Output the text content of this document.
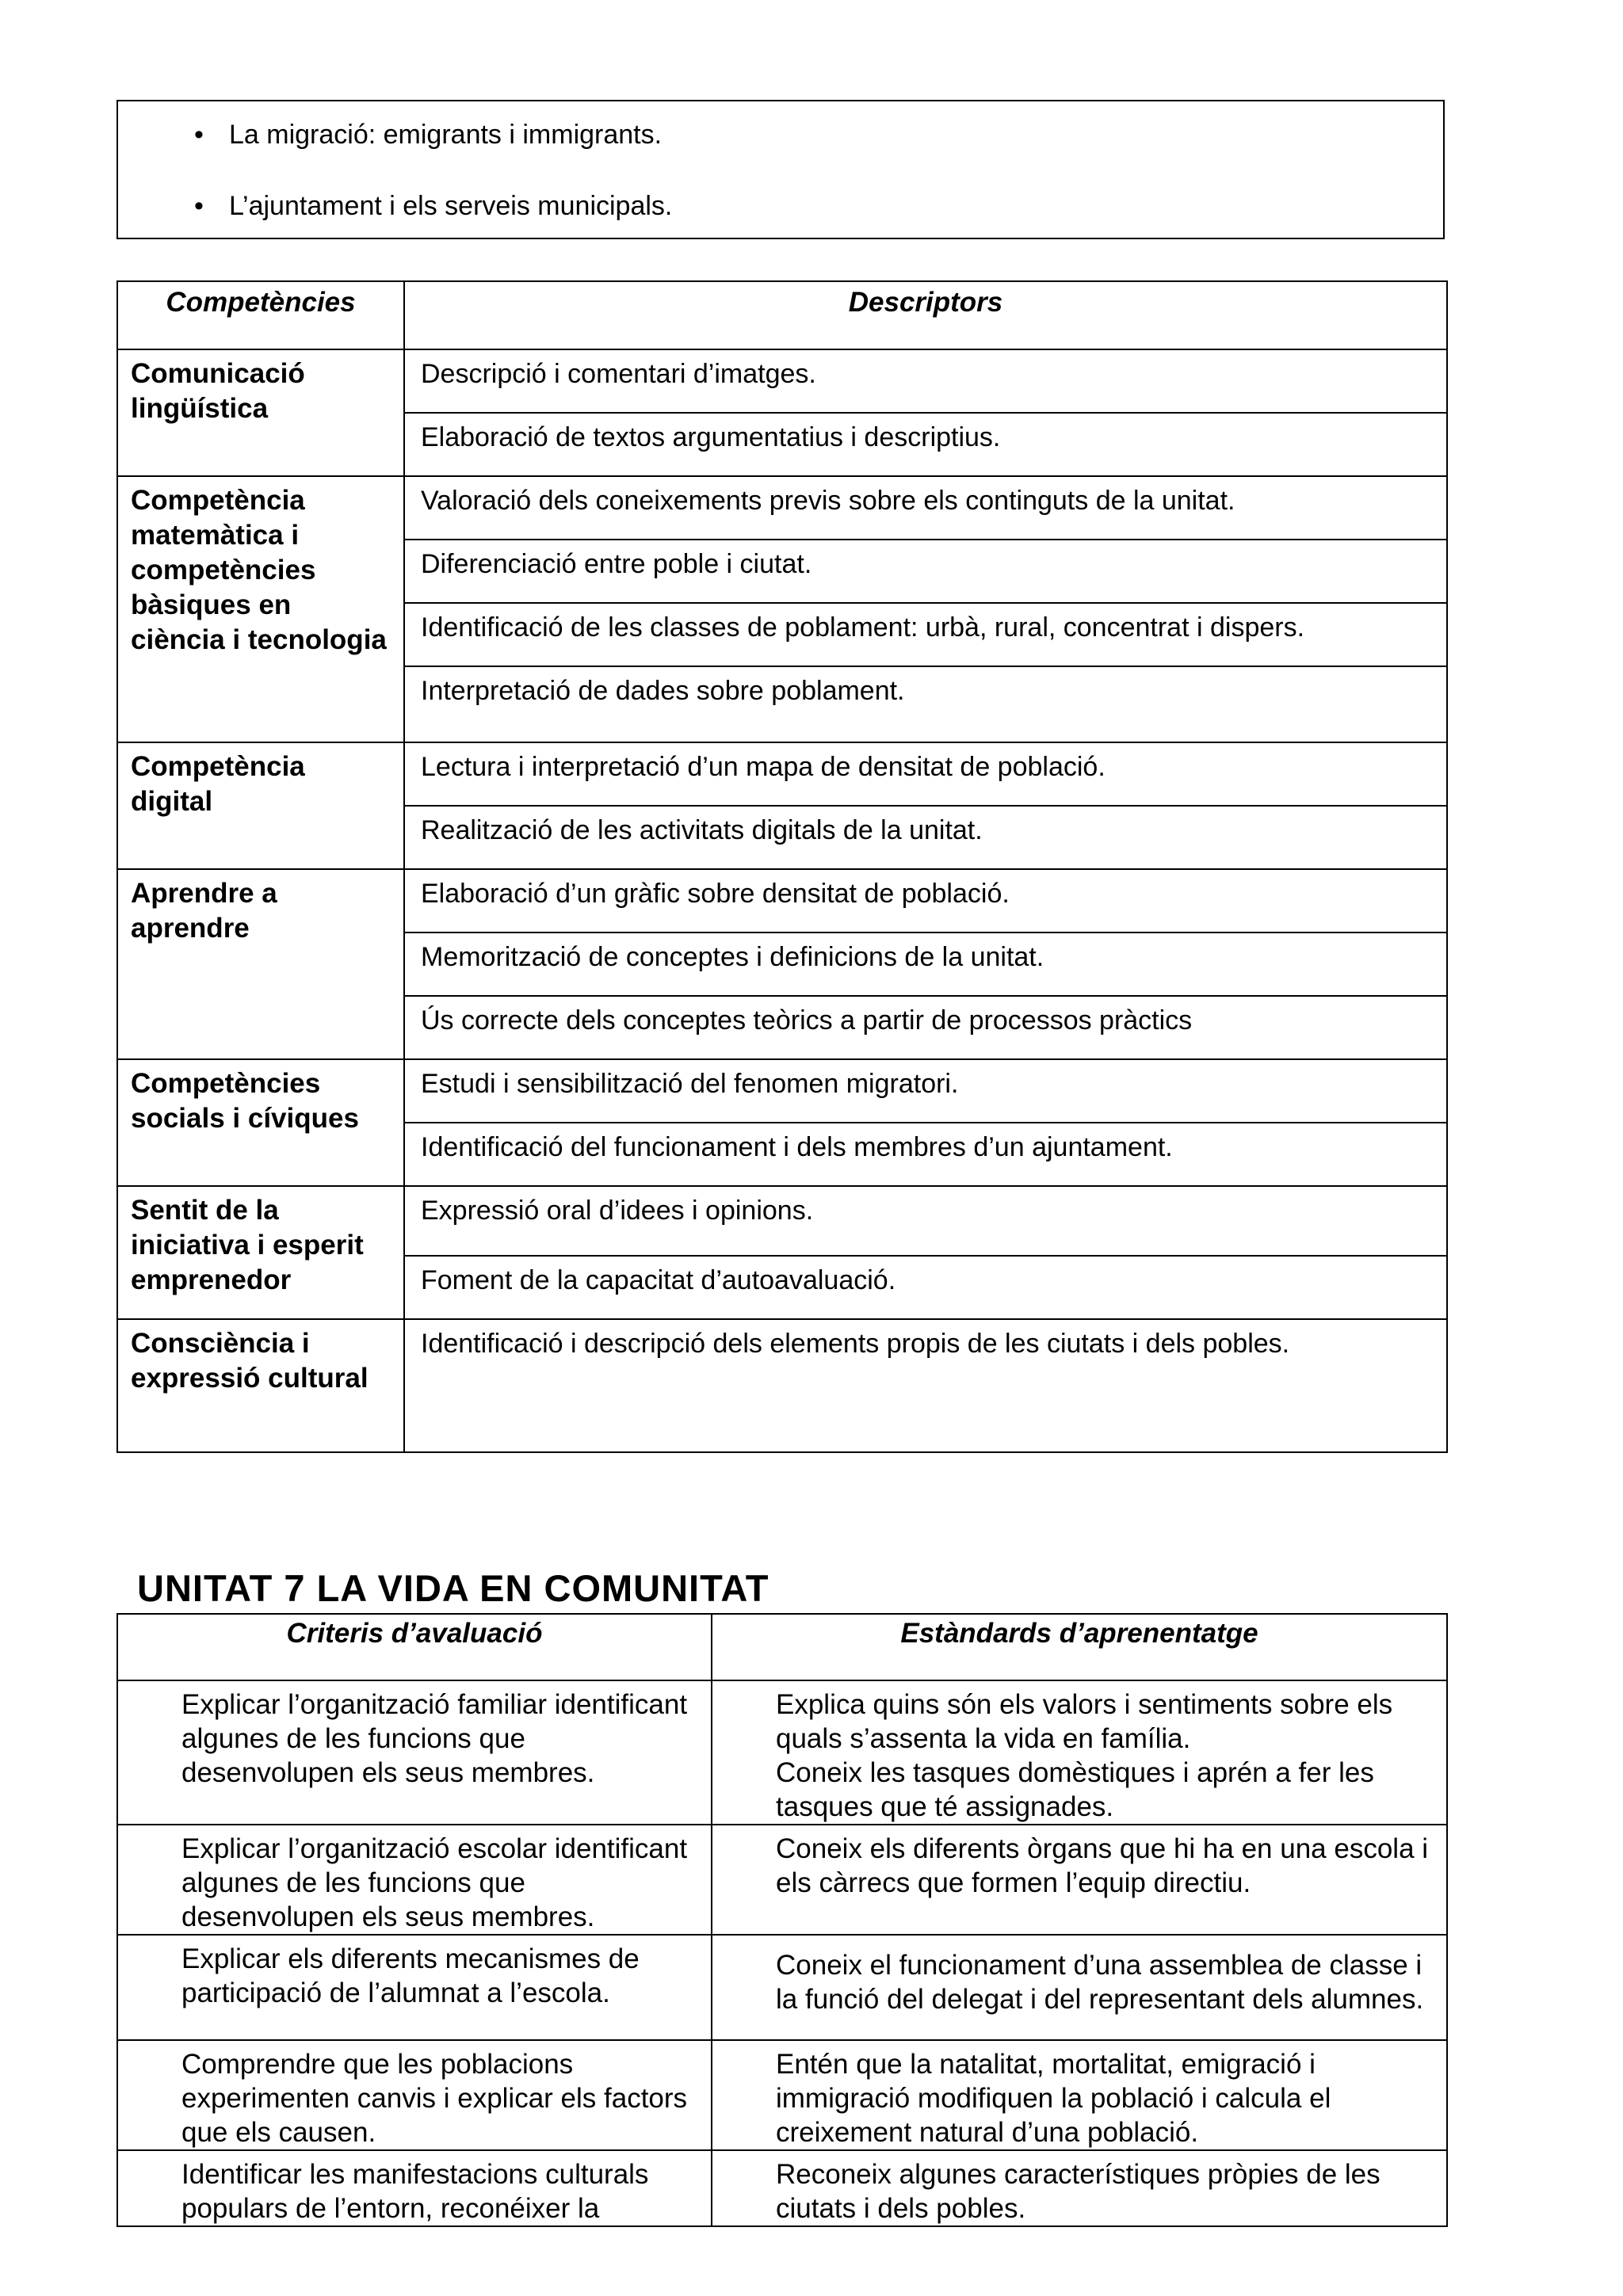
• La migració: emigrants i immigrants.
• L’ajuntament i els serveis municipals.
Competències	Descriptors
Comunicació lingüística	Descripció i comentari d’imatges.
	Elaboració de textos argumentatius i descriptius.
Competència matemàtica i competències bàsiques en ciència i tecnologia	Valoració dels coneixements previs sobre els continguts de la unitat.
	Diferenciació entre poble i ciutat.
	Identificació de les classes de poblament: urbà, rural, concentrat i dispers.
	Interpretació de dades sobre poblament.
Competència digital	Lectura i interpretació d’un mapa de densitat de població.
	Realització de les activitats digitals de la unitat.
Aprendre a aprendre	Elaboració d’un gràfic sobre densitat de població.
	Memorització de conceptes i definicions de la unitat.
	Ús correcte dels conceptes teòrics a partir de processos pràctics
Competències socials i cíviques	Estudi i sensibilització del fenomen migratori.
	Identificació del funcionament i dels membres d’un ajuntament.
Sentit de la iniciativa i esperit emprenedor	Expressió oral d’idees i opinions.
	Foment de la capacitat d’autoavaluació.
Consciència i expressió cultural	Identificació i descripció dels elements propis de les ciutats i dels pobles.
UNITAT 7 LA VIDA EN COMUNITAT
Criteris d’avaluació	Estàndards d’aprenentatge
Explicar l’organització familiar identificant algunes de les funcions que desenvolupen els seus membres.	Explica quins són els valors i sentiments sobre els quals s’assenta la vida en família.
Coneix les tasques domèstiques i aprén a fer les tasques que té assignades.
Explicar l’organització escolar identificant algunes de les funcions que desenvolupen els seus membres.	Coneix els diferents òrgans que hi ha en una escola i els càrrecs que formen l’equip directiu.
Explicar els diferents mecanismes de participació de l’alumnat a l’escola.	Coneix el funcionament d’una assemblea de classe i la funció del delegat i del representant dels alumnes.
Comprendre que les poblacions experimenten canvis i explicar els factors que els causen.	Entén que la natalitat, mortalitat, emigració i immigració modifiquen la població i calcula el creixement natural d’una població.
Identificar les manifestacions culturals populars de l’entorn, reconéixer la	Reconeix algunes característiques pròpies de les ciutats i dels pobles.
